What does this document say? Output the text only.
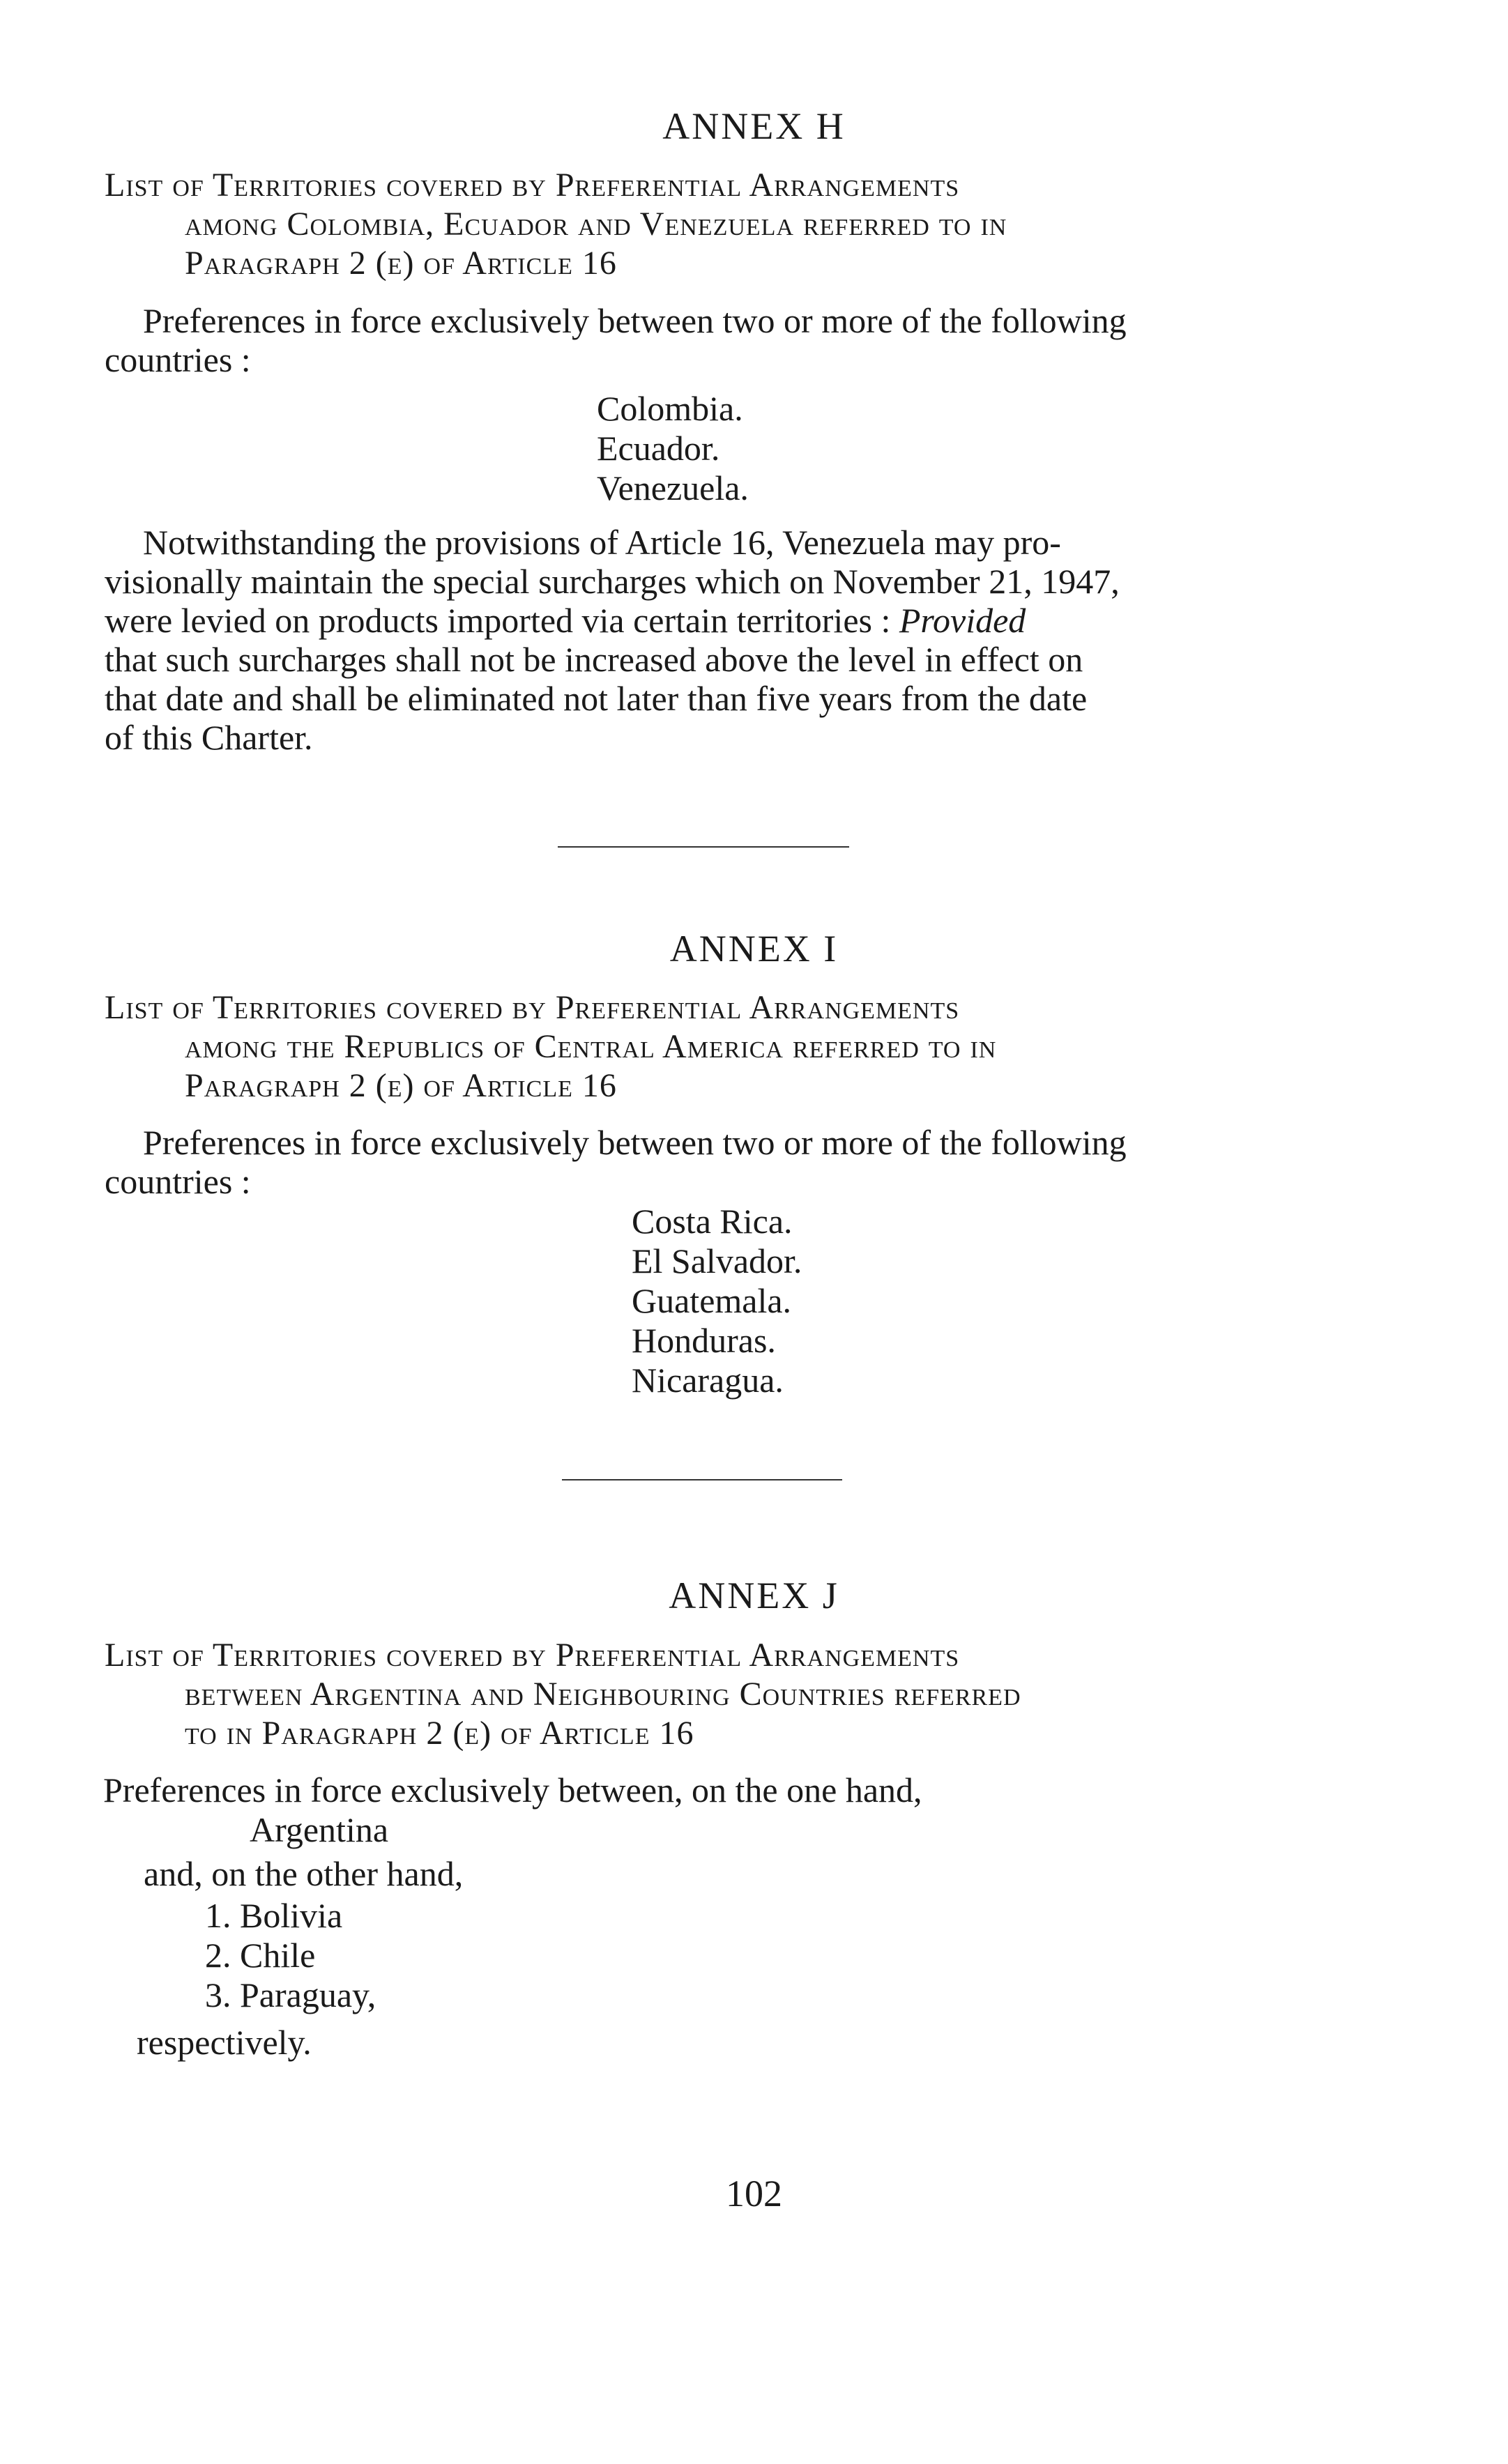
ANNEX H
List of Territories covered by Preferential Arrangements
among Colombia, Ecuador and Venezuela referred to in
Paragraph 2 (e) of Article 16
Preferences in force exclusively between two or more of the following
countries :
Colombia.
Ecuador.
Venezuela.
Notwithstanding the provisions of Article 16, Venezuela may pro-
visionally maintain the special surcharges which on November 21, 1947,
were levied on products imported via certain territories : Provided
that such surcharges shall not be increased above the level in effect on
that date and shall be eliminated not later than five years from the date
of this Charter.
ANNEX I
List of Territories covered by Preferential Arrangements
among the Republics of Central America referred to in
Paragraph 2 (e) of Article 16
Preferences in force exclusively between two or more of the following
countries :
Costa Rica.
El Salvador.
Guatemala.
Honduras.
Nicaragua.
ANNEX J
List of Territories covered by Preferential Arrangements
between Argentina and Neighbouring Countries referred
to in Paragraph 2 (e) of Article 16
Preferences in force exclusively between, on the one hand,
Argentina
and, on the other hand,
1. Bolivia
2. Chile
3. Paraguay,
respectively.
102
